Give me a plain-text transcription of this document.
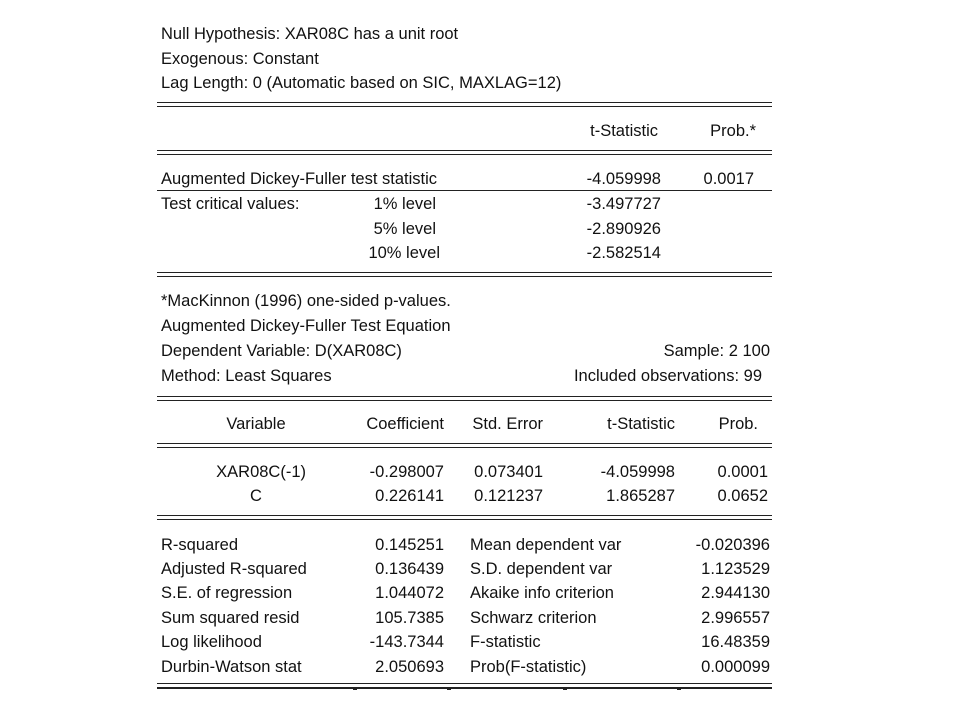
Null Hypothesis: XAR08C has a unit root
Exogenous: Constant
Lag Length: 0 (Automatic based on SIC, MAXLAG=12)
t-Statistic	Prob.*
Augmented Dickey-Fuller test statistic	-4.059998	0.0017
Test critical values:	1% level	-3.497727
5% level	-2.890926
10% level	-2.582514
*MacKinnon (1996) one-sided p-values.
Augmented Dickey-Fuller Test Equation
Dependent Variable: D(XAR08C)	Sample: 2 100
Method: Least Squares	Included observations: 99
Variable	Coefficient	Std. Error	t-Statistic	Prob.
XAR08C(-1)	-0.298007	0.073401	-4.059998	0.0001
C	0.226141	0.121237	1.865287	0.0652
R-squared	0.145251 Mean dependent var	-0.020396
Adjusted R-squared	0.136439 S.D. dependent var	1.123529
S.E. of regression	1.044072 Akaike info criterion	2.944130
Sum squared resid	105.7385 Schwarz criterion	2.996557
Log likelihood	-143.7344 F-statistic	16.48359
Durbin-Watson stat	2.050693 Prob(F-statistic)	0.000099
